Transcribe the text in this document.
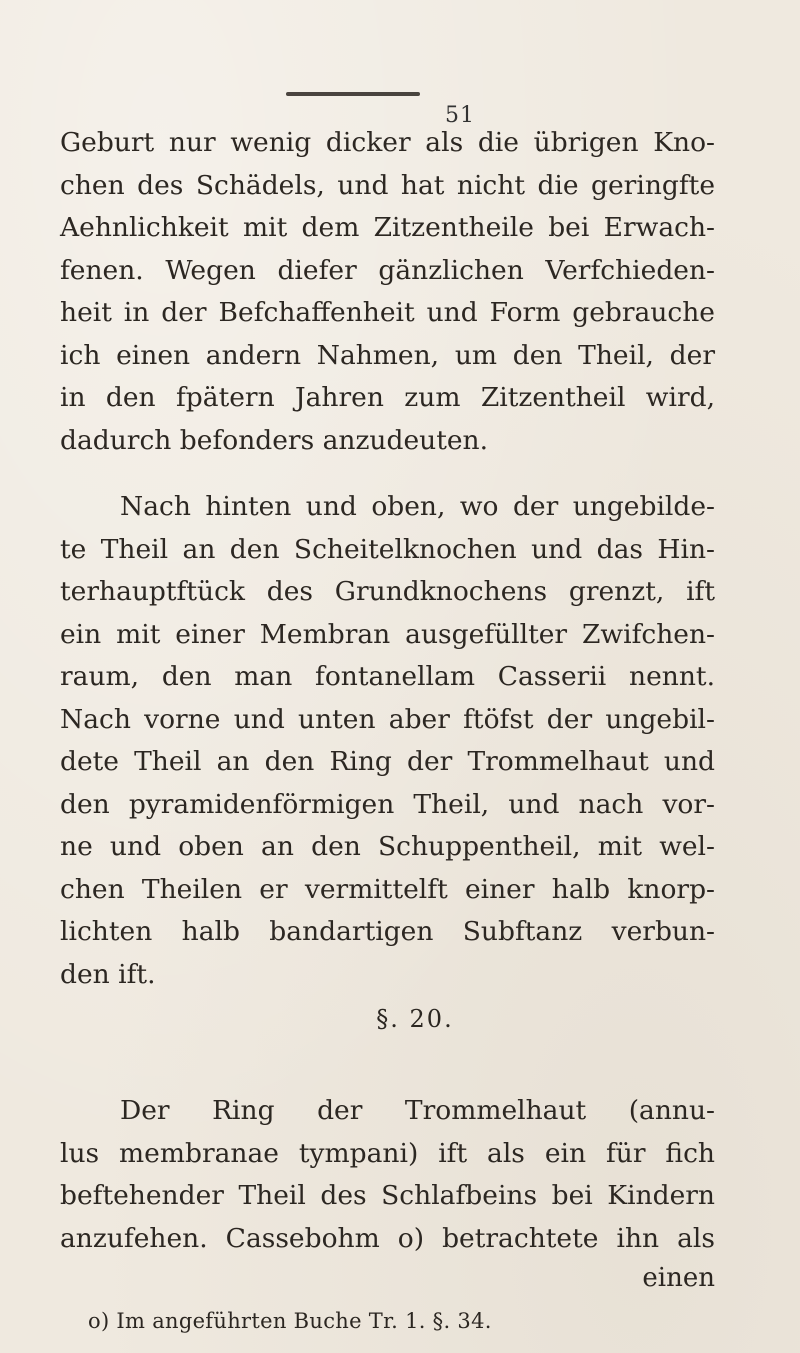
51
Geburt nur wenig dicker als die übrigen Kno-
chen des Schädels, und hat nicht die geringfte
Aehnlichkeit mit dem Zitzentheile bei Erwach-
fenen. Wegen diefer gänzlichen Verfchieden-
heit in der Befchaffenheit und Form gebrauche
ich einen andern Nahmen, um den Theil, der
in den fpätern Jahren zum Zitzentheil wird,
dadurch befonders anzudeuten.
Nach hinten und oben, wo der ungebilde-
te Theil an den Scheitelknochen und das Hin-
terhauptftück des Grundknochens grenzt, ift
ein mit einer Membran ausgefüllter Zwifchen-
raum, den man fontanellam Casserii nennt.
Nach vorne und unten aber ftöfst der ungebil-
dete Theil an den Ring der Trommelhaut und
den pyramidenförmigen Theil, und nach vor-
ne und oben an den Schuppentheil, mit wel-
chen Theilen er vermittelft einer halb knorp-
lichten halb bandartigen Subftanz verbun-
den ift.
§. 20.
Der Ring der Trommelhaut (annu-
lus membranae tympani) ift als ein für fich
beftehender Theil des Schlafbeins bei Kindern
anzufehen. Cassebohm o) betrachtete ihn als
einen
o) Im angeführten Buche Tr. 1. §. 34.
